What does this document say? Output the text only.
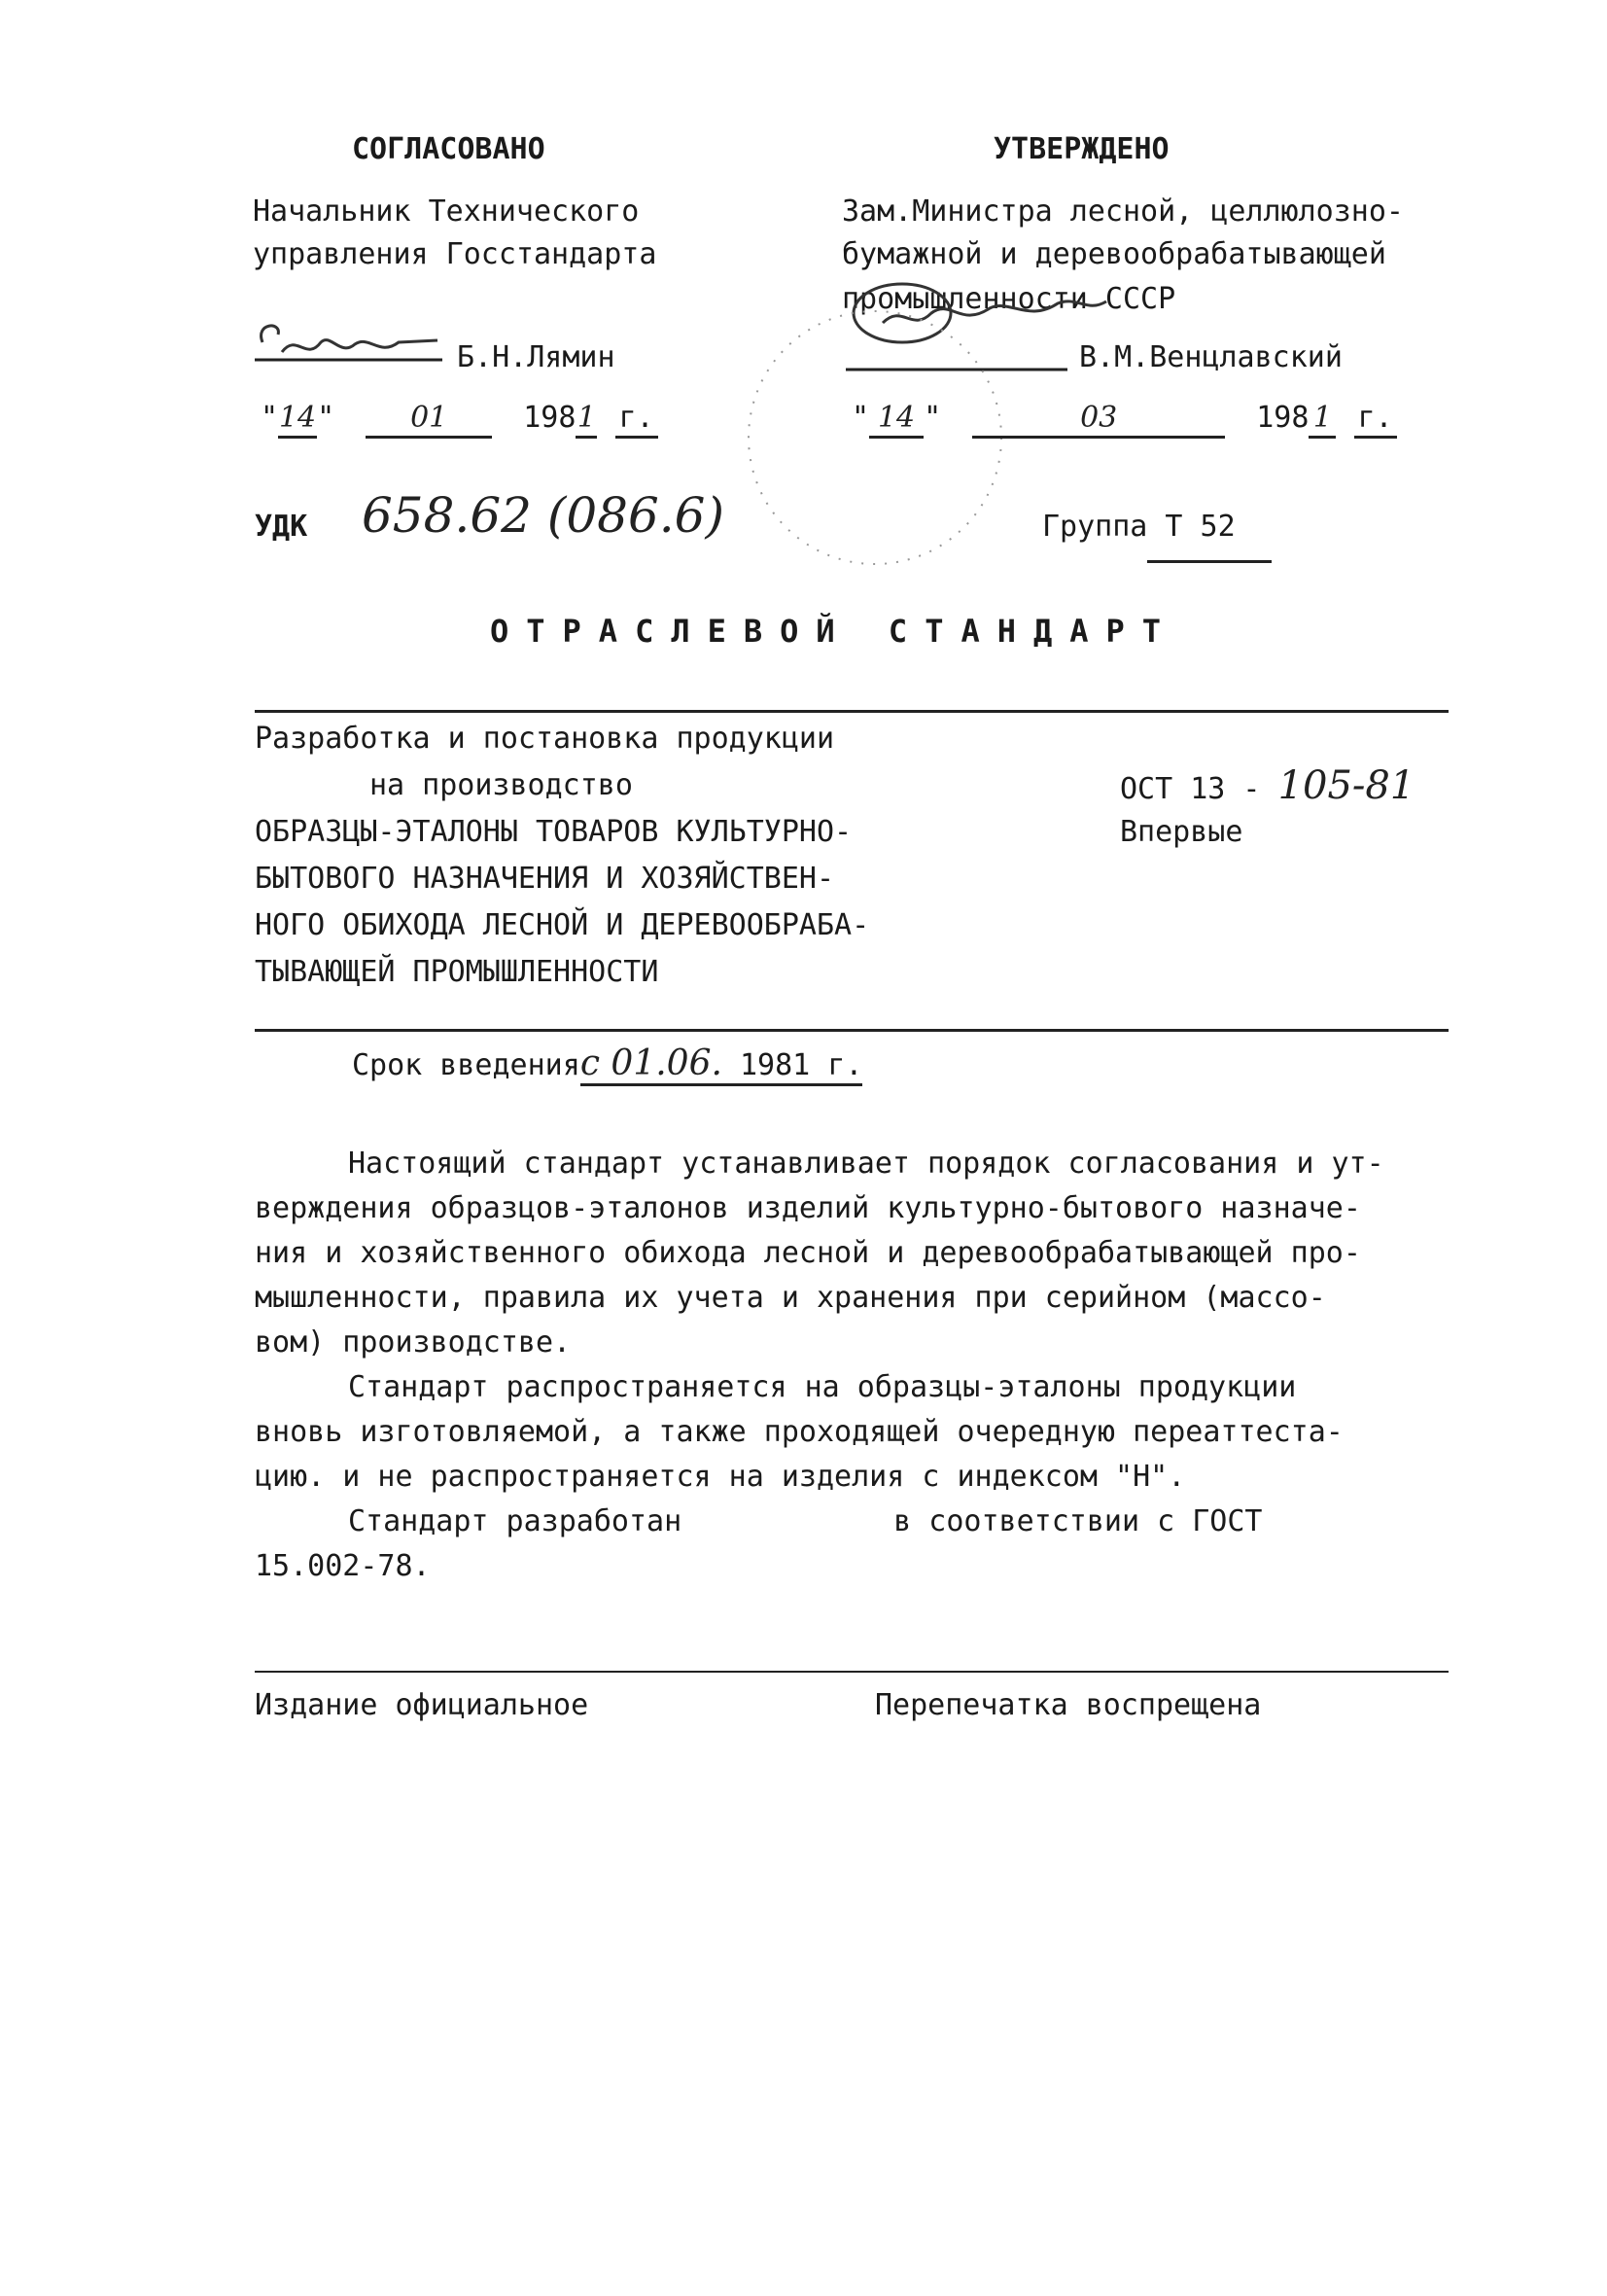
СОГЛАСОВАНО
Начальник Технического
управления Госстандарта
Б.Н.Лямин
"14"	01	1981 г.
УТВЕРЖДЕНО
Зам.Министра лесной, целлюлозно-
бумажной и деревообрабатывающей
промышленности СССР
В.М.Венцлавский
" 14 "	03	198 1 г.
УДК 658.62 (086.6)	Группа Т 52
ОТРАСЛЕВОЙ СТАНДАРТ
Разработка и постановка продукции
на производство
ОБРАЗЦЫ-ЭТАЛОНЫ ТОВАРОВ КУЛЬТУРНО-
БЫТОВОГО НАЗНАЧЕНИЯ И ХОЗЯЙСТВЕН-
НОГО ОБИХОДА ЛЕСНОЙ И ДЕРЕВООБРАБА-
ТЫВАЮЩЕЙ ПРОМЫШЛЕННОСТИ
ОСТ 13 - 105-81
Впервые
Срок введенияс 01.06. 1981 г.
Настоящий стандарт устанавливает порядок согласования и ут-
верждения образцов-эталонов изделий культурно-бытового назначе-
ния и хозяйственного обихода лесной и деревообрабатывающей про-
мышленности, правила их учета и хранения при серийном (массо-
вом) производстве.
Стандарт распространяется на образцы-эталоны продукции
вновь изготовляемой, а также проходящей очередную переаттеста-
цию. и не распространяется на изделия с индексом "Н".
Стандарт разработан	в соответствии с ГОСТ
15.002-78.
Издание официальное	Перепечатка воспрещена
